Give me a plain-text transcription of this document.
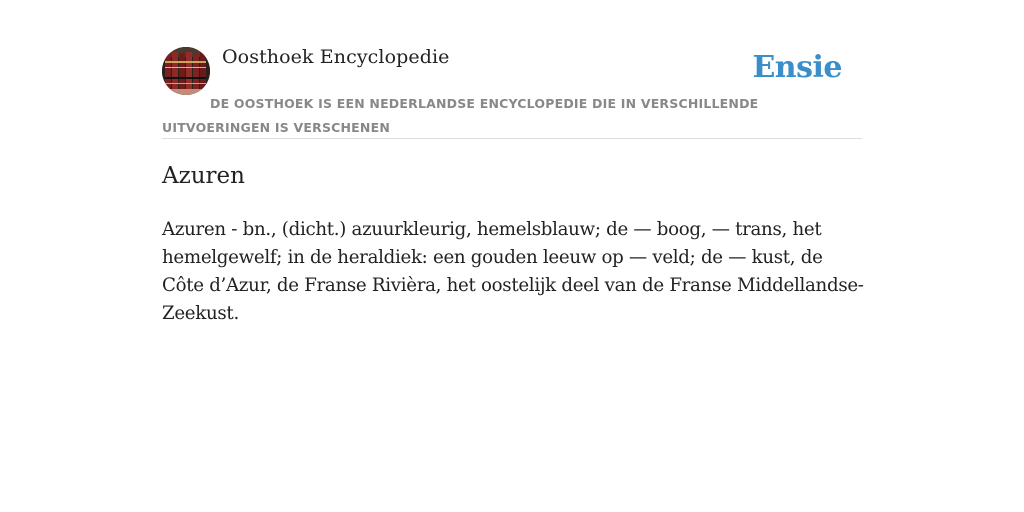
Oosthoek Encyclopedie	Ensie
DE OOSTHOEK IS EEN NEDERLANDSE ENCYCLOPEDIE DIE IN VERSCHILLENDE UITVOERINGEN IS VERSCHENEN
Azuren

Azuren - bn., (dicht.) azuurkleurig, hemelsblauw; de — boog, — trans, het hemelgewelf; in de heraldiek: een gouden leeuw op — veld; de — kust, de Côte d’Azur, de Franse Rivièra, het oostelijk deel van de Franse Middellandse-Zeekust.
